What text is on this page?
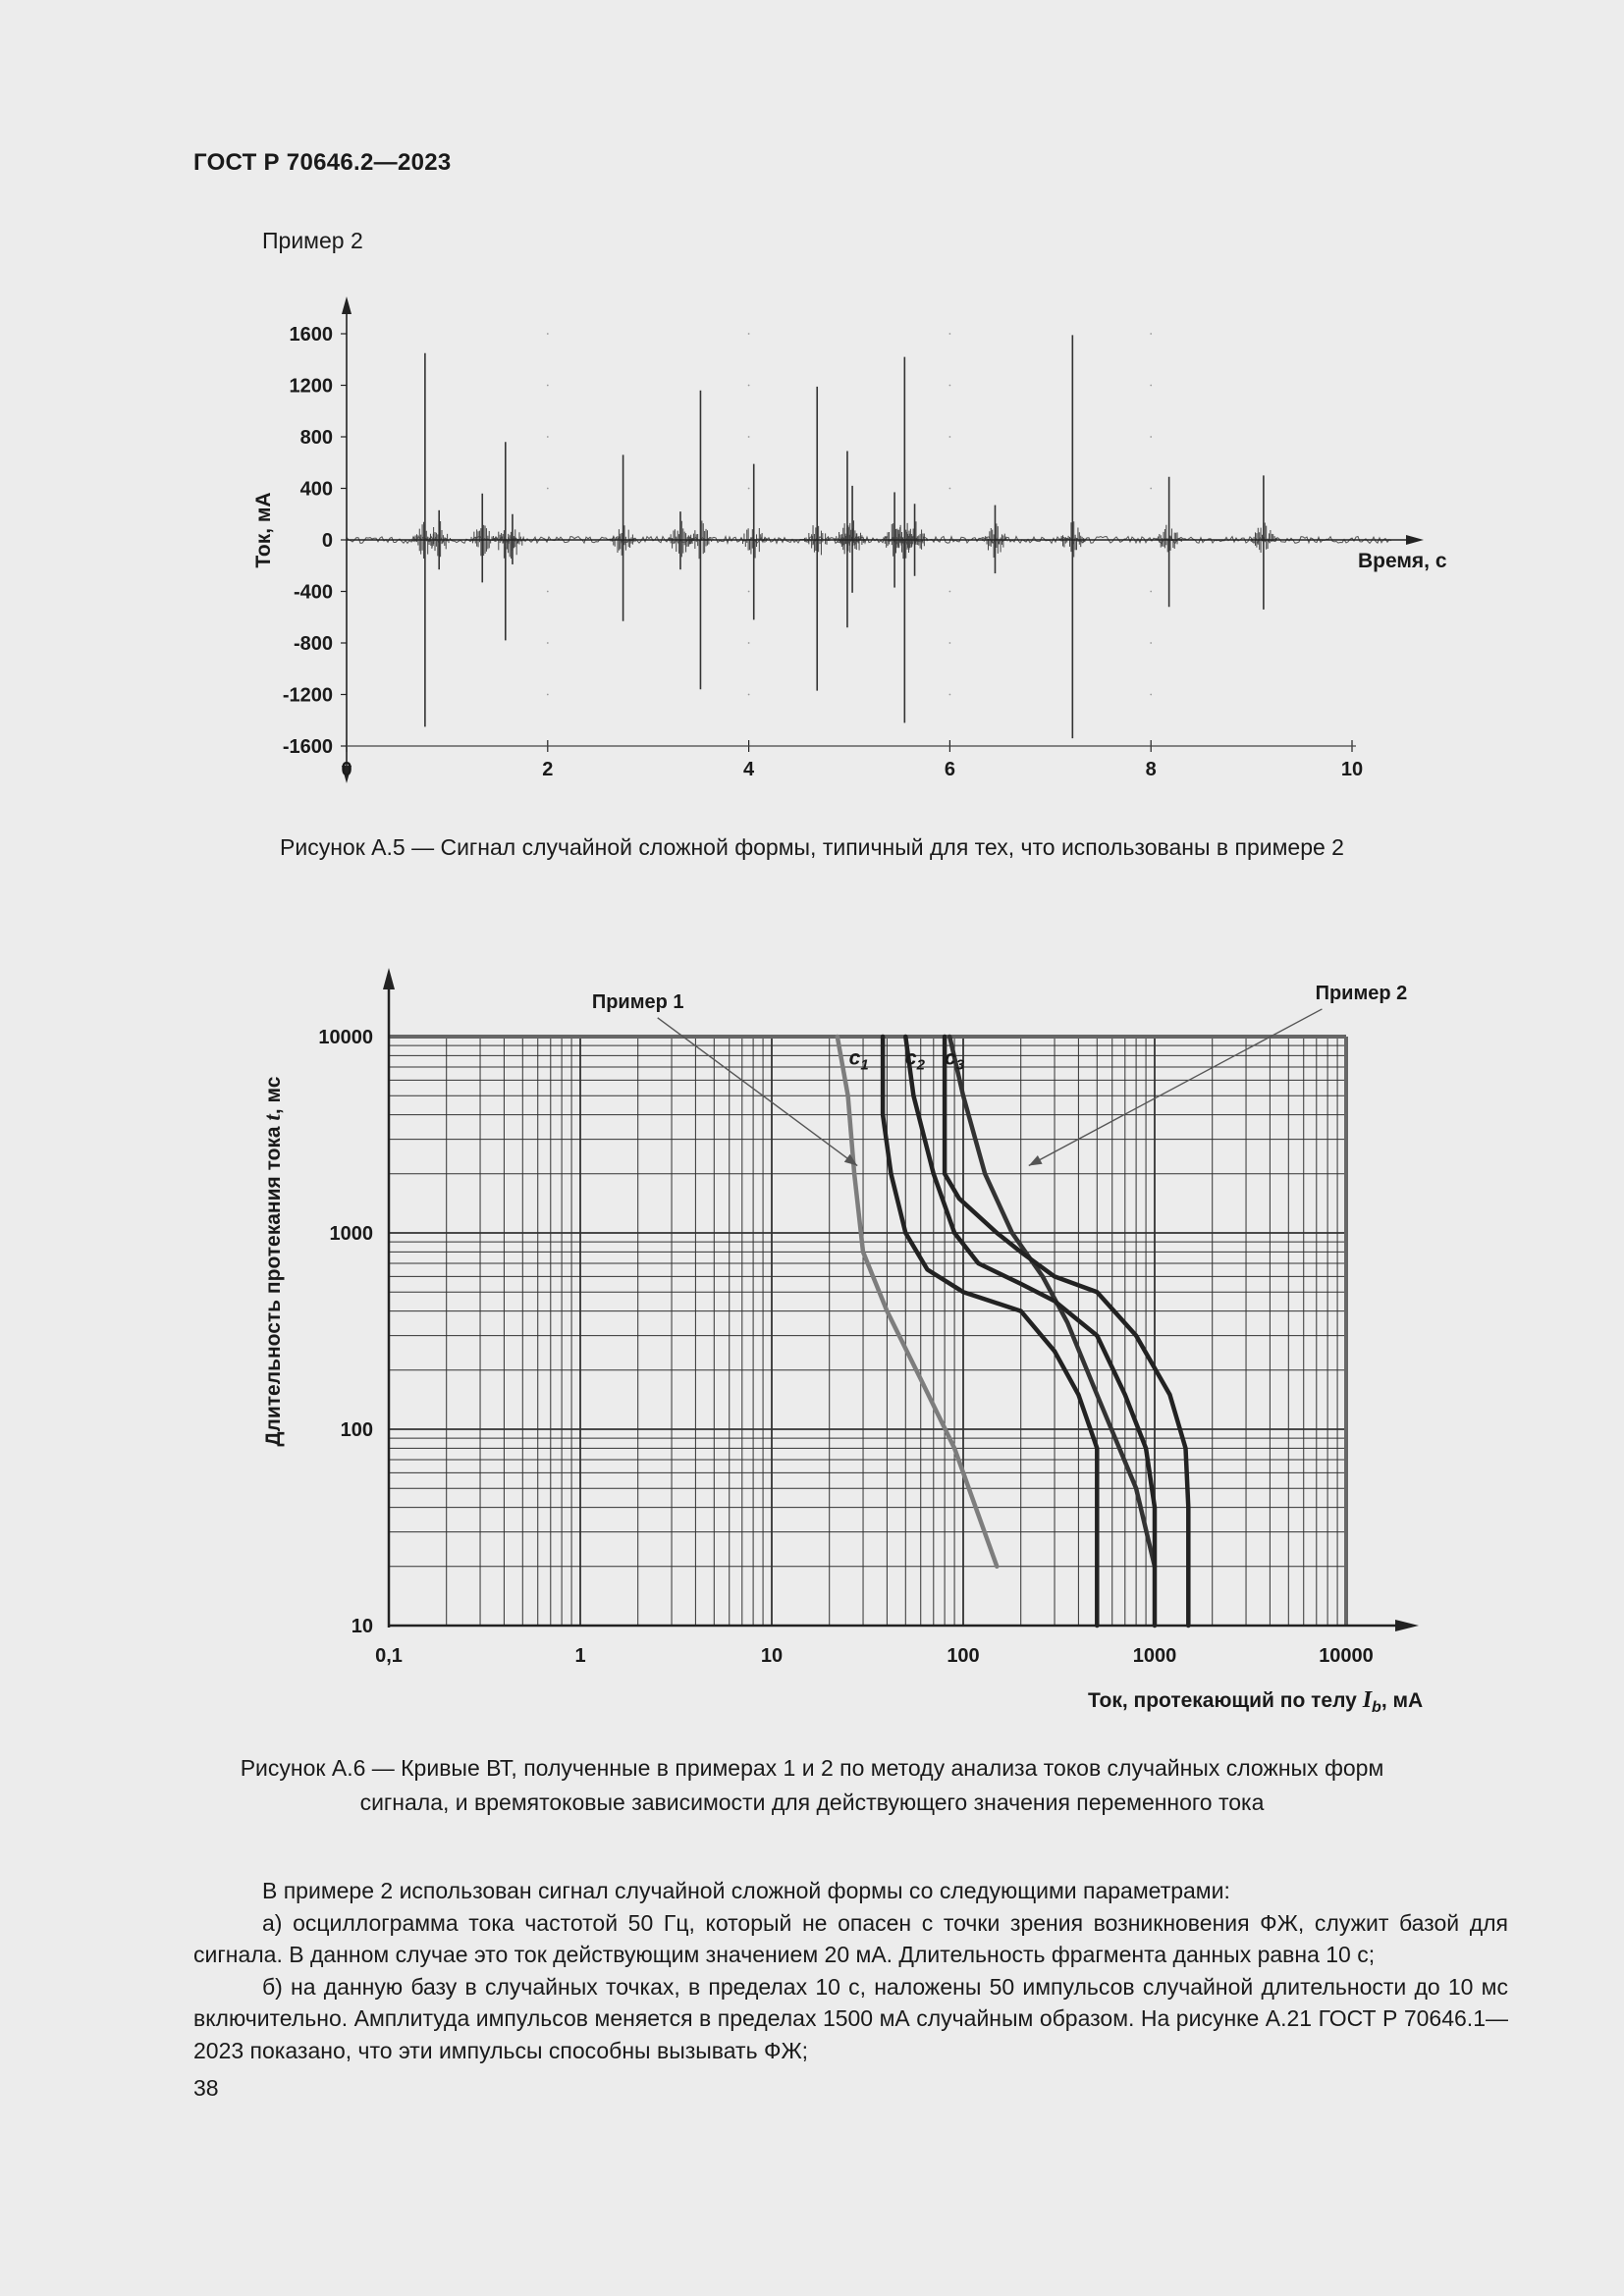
ГОСТ Р 70646.2—2023
Пример 2
1600
1200
800
400
0
-400
-800
-1200
-1600
0	2	4	6	8	10
Время, с
Ток, мА
Рисунок А.5 — Сигнал случайной сложной формы, типичный для тех, что использованы в примере 2
$c_1$ $c_2$ $c_3$
Пример 1	Пример 2
0,1	1	10	100	1000	10000
10000
1000
100
10
Ток, протекающий по телу $I_b$, мА
Длительность протекания тока t, мс
Рисунок А.6 — Кривые ВТ, полученные в примерах 1 и 2 по методу анализа токов случайных сложных форм
сигнала, и времятоковые зависимости для действующего значения переменного тока

В примере 2 использован сигнал случайной сложной формы со следующими параметрами:

а) осциллограмма тока частотой 50 Гц, который не опасен с точки зрения возникновения ФЖ, служит базой для сигнала. В данном случае это ток действующим значением 20 мА. Длительность фрагмента данных равна 10 с;

б) на данную базу в случайных точках, в пределах 10 с, наложены 50 импульсов случайной длительности до 10 мс включительно. Амплитуда импульсов меняется в пределах 1500 мА случайным образом. На рисунке А.21 ГОСТ Р 70646.1—2023 показано, что эти импульсы способны вызывать ФЖ;

38
